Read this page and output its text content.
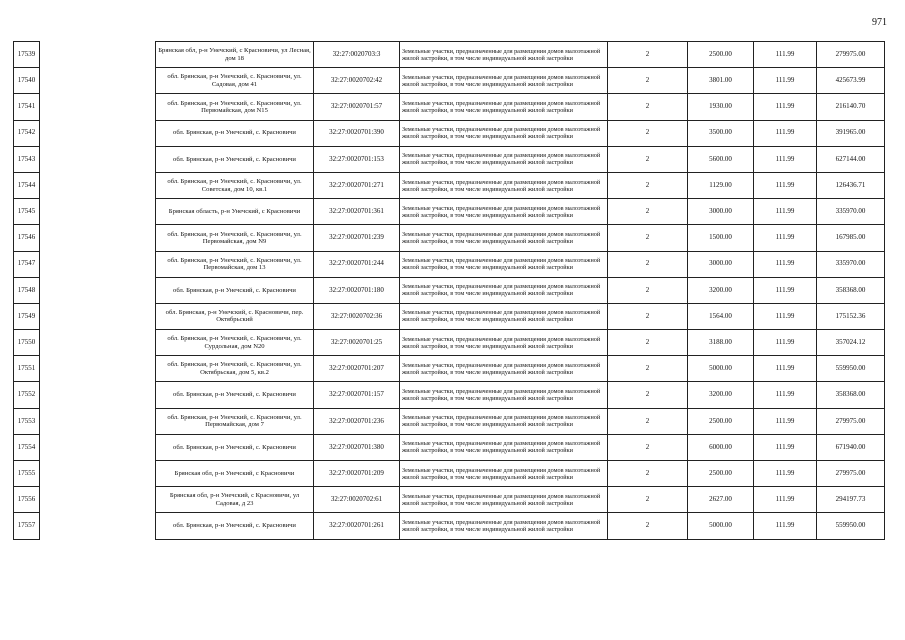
971
17539		Брянская обл, р-н Унечский, с Красновичи, ул Лесная, дом 18	32:27:0020703:3	Земельные участки, предназначенные для размещения домов малоэтажной жилой застройки, в том числе индивидуальной жилой застройки	2	2500.00	111.99	279975.00
17540		обл. Брянская, р-н Унечский, с. Красновичи, ул. Садовая, дом 41	32:27:0020702:42	Земельные участки, предназначенные для размещения домов малоэтажной жилой застройки, в том числе индивидуальной жилой застройки	2	3801.00	111.99	425673.99
17541		обл. Брянская, р-н Унечский, с. Красновичи, ул. Первомайская, дом N15	32:27:0020701:57	Земельные участки, предназначенные для размещения домов малоэтажной жилой застройки, в том числе индивидуальной жилой застройки	2	1930.00	111.99	216140.70
17542		обл. Брянская, р-н Унечский, с. Красновичи	32:27:0020701:390	Земельные участки, предназначенные для размещения домов малоэтажной жилой застройки, в том числе индивидуальной жилой застройки	2	3500.00	111.99	391965.00
17543		обл. Брянская, р-н Унечский, с. Красновичи	32:27:0020701:153	Земельные участки, предназначенные для размещения домов малоэтажной жилой застройки, в том числе индивидуальной жилой застройки	2	5600.00	111.99	627144.00
17544		обл. Брянская, р-н Унечский, с. Красновичи, ул. Советская, дом 10, кв.1	32:27:0020701:271	Земельные участки, предназначенные для размещения домов малоэтажной жилой застройки, в том числе индивидуальной жилой застройки	2	1129.00	111.99	126436.71
17545		Брянская область, р-н Унечский, с Красновичи	32:27:0020701:361	Земельные участки, предназначенные для размещения домов малоэтажной жилой застройки, в том числе индивидуальной жилой застройки	2	3000.00	111.99	335970.00
17546		обл. Брянская, р-н Унечский, с. Красновичи, ул. Первомайская, дом N9	32:27:0020701:239	Земельные участки, предназначенные для размещения домов малоэтажной жилой застройки, в том числе индивидуальной жилой застройки	2	1500.00	111.99	167985.00
17547		обл. Брянская, р-н Унечский, с. Красновичи, ул. Первомайская, дом 13	32:27:0020701:244	Земельные участки, предназначенные для размещения домов малоэтажной жилой застройки, в том числе индивидуальной жилой застройки	2	3000.00	111.99	335970.00
17548		обл. Брянская, р-н Унечский, с. Красновичи	32:27:0020701:180	Земельные участки, предназначенные для размещения домов малоэтажной жилой застройки, в том числе индивидуальной жилой застройки	2	3200.00	111.99	358368.00
17549		обл. Брянская, р-н Унечский, с. Красновичи, пер. Октябрьский	32:27:0020702:36	Земельные участки, предназначенные для размещения домов малоэтажной жилой застройки, в том числе индивидуальной жилой застройки	2	1564.00	111.99	175152.36
17550		обл. Брянская, р-н Унечский, с. Красновичи, ул. Сурдольная, дом N20	32:27:0020701:25	Земельные участки, предназначенные для размещения домов малоэтажной жилой застройки, в том числе индивидуальной жилой застройки	2	3188.00	111.99	357024.12
17551		обл. Брянская, р-н Унечский, с. Красновичи, ул. Октябрьская, дом 5, кв.2	32:27:0020701:207	Земельные участки, предназначенные для размещения домов малоэтажной жилой застройки, в том числе индивидуальной жилой застройки	2	5000.00	111.99	559950.00
17552		обл. Брянская, р-н Унечский, с. Красновичи	32:27:0020701:157	Земельные участки, предназначенные для размещения домов малоэтажной жилой застройки, в том числе индивидуальной жилой застройки	2	3200.00	111.99	358368.00
17553		обл. Брянская, р-н Унечский, с. Красновичи, ул. Первомайская, дом 7	32:27:0020701:236	Земельные участки, предназначенные для размещения домов малоэтажной жилой застройки, в том числе индивидуальной жилой застройки	2	2500.00	111.99	279975.00
17554		обл. Брянская, р-н Унечский, с. Красновичи	32:27:0020701:380	Земельные участки, предназначенные для размещения домов малоэтажной жилой застройки, в том числе индивидуальной жилой застройки	2	6000.00	111.99	671940.00
17555		Брянская обл, р-н Унечский, с Красновичи	32:27:0020701:209	Земельные участки, предназначенные для размещения домов малоэтажной жилой застройки, в том числе индивидуальной жилой застройки	2	2500.00	111.99	279975.00
17556		Брянская обл, р-н Унечский, с Красновичи, ул Садовая, д 23	32:27:0020702:61	Земельные участки, предназначенные для размещения домов малоэтажной жилой застройки, в том числе индивидуальной жилой застройки	2	2627.00	111.99	294197.73
17557		обл. Брянская, р-н Унечский, с. Красновичи	32:27:0020701:261	Земельные участки, предназначенные для размещения домов малоэтажной жилой застройки, в том числе индивидуальной жилой застройки	2	5000.00	111.99	559950.00
